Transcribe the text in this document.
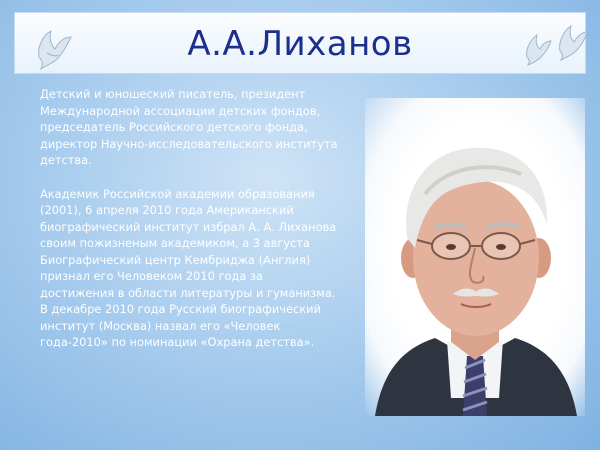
А.А.Лиханов

Детский и юношеский писатель, президент Международной ассоциации детских фондов, председатель Российского детского фонда, директор Научно-исследовательского института детства.

Академик Российской академии образования (2001), 6 апреля 2010 года Американский биографический институт избрал А. А. Лиханова своим пожизненым академиком, а 3 августа Биографический центр Кембриджа (Англия) признал его Человеком 2010 года за достижения в области литературы и гуманизма. В декабре 2010 года Русский биографический институт (Москва) назвал его «Человек года-2010» по номинации «Охрана детства».
